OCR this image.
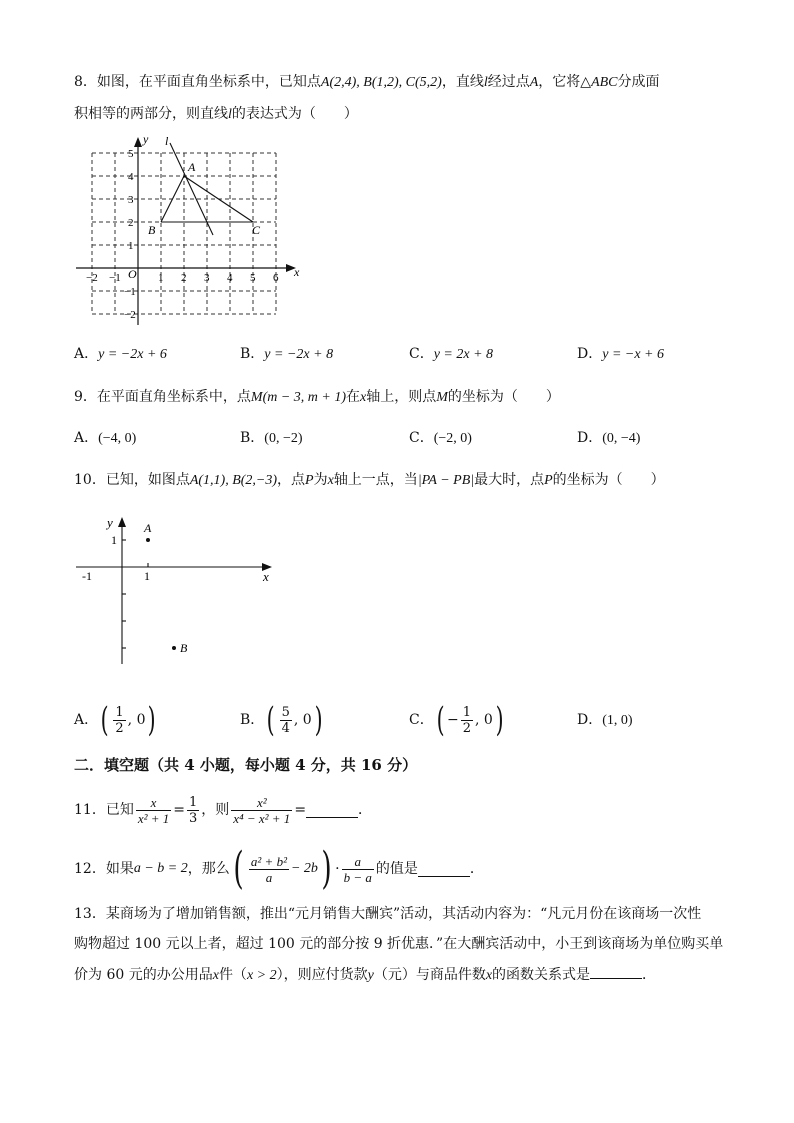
8．如图，在平面直角坐标系中，已知点A(2,4), B(1,2), C(5,2)，直线l经过点A，它将△ABC分成面
积相等的两部分，则直线l的表达式为（　　）
x
y
O
−2 −1	1 2 3 4 5 6
5
4
3
2
1
−1
−2
l
A
B	C
A．y = −2x + 6	B．y = −2x + 8	C．y = 2x + 8	D．y = −x + 6
9．在平面直角坐标系中，点M(m − 3, m + 1)在x轴上，则点M的坐标为（　　）
A．(−4, 0)	B．(0, −2)	C．(−2, 0)	D．(0, −4)
10．已知，如图点A(1,1), B(2,−3)，点P为x轴上一点，当|PA − PB|最大时，点P的坐标为（　　）
x
y
-1	1
1
A
B
A． ( $\frac{1}{2}$ , 0 )	B． ( $\frac{5}{4}$ , 0 )	C． ( − $\frac{1}{2}$ , 0 )	D．(1, 0)
二．填空题（共 4 小题，每小题 4 分，共 16 分）
11． 已知 $\frac{x}{\text{x² + 1}} = \frac{1}{3}$ ，则 $\frac{\text{x²}}{\text{x⁴ − x² + 1}}$ =	．
12． 如果 a − b = 2 ，那么 ( $\frac{\text{a² + b²}}{a} - 2b$ ) · $\frac{a}{b - a}$ 的值是	．
13．某商场为了增加销售额，推出“元月销售大酬宾”活动，其活动内容为：“凡元月份在该商场一次性
购物超过 100 元以上者，超过 100 元的部分按 9 折优惠．”在大酬宾活动中，小王到该商场为单位购买单
价为 60 元的办公用品x件（x > 2），则应付货款y（元）与商品件数x的函数关系式是	．
